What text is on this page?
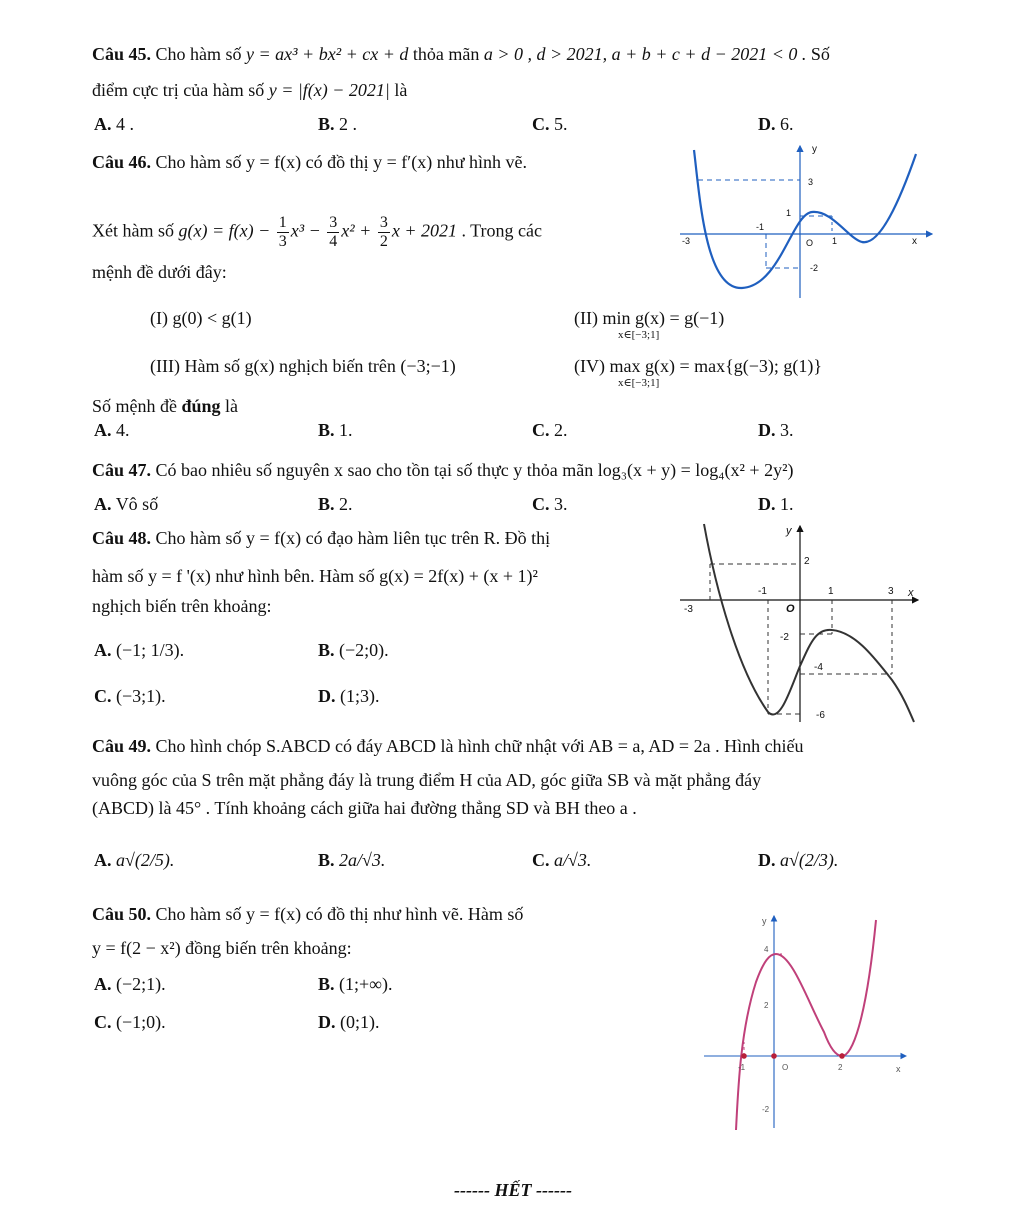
Câu 45. Cho hàm số y = ax³ + bx² + cx + d thỏa mãn a > 0 , d > 2021, a + b + c + d − 2021 < 0 . Số
điểm cực trị của hàm số y = |f(x) − 2021| là
A. 4 .	B. 2 .	C. 5.	D. 6.
Câu 46. Cho hàm số y = f(x) có đồ thị y = f′(x) như hình vẽ.
Xét hàm số $g(x) = f(x) - \frac{1}{3} x^3 - \frac{3}{4} x^2 + \frac{3}{2}$ x + 2021 . Trong các
mệnh đề dưới đây:
(I) g(0) < g(1)	(II) min g(x) = g(−1)
x∈[−3;1]
(III) Hàm số g(x) nghịch biến trên (−3;−1)	(IV) max g(x) = max{g(−3); g(1)}
x∈[−3;1]
Số mệnh đề đúng là
A. 4.	B. 1.	C. 2.	D. 3.
y
x
3
1
-2
-1
-3	O 1
Câu 47. Có bao nhiêu số nguyên x sao cho tồn tại số thực y thỏa mãn log₃(x + y) = log₄(x² + 2y²)
A. Vô số	B. 2.	C. 3.	D. 1.
Câu 48. Cho hàm số y = f(x) có đạo hàm liên tục trên R. Đồ thị
hàm số y = f '(x) như hình bên. Hàm số g(x) = 2f(x) + (x + 1)²
nghịch biến trên khoảng:
A. (−1; 1/3).	B. (−2;0).
C. (−3;1).	D. (1;3).
y
x
2
-1	1	3
-3	O
-2
-4
-6
Câu 49. Cho hình chóp S.ABCD có đáy ABCD là hình chữ nhật với AB = a, AD = 2a . Hình chiếu
vuông góc của S trên mặt phẳng đáy là trung điểm H của AD, góc giữa SB và mặt phẳng đáy
(ABCD) là 45° . Tính khoảng cách giữa hai đường thẳng SD và BH theo a .
A. a√(2/5).	B. 2a/√3.	C. a/√3.	D. a√(2/3).
Câu 50. Cho hàm số y = f(x) có đồ thị như hình vẽ. Hàm số
y = f(2 − x²) đồng biến trên khoảng:
A. (−2;1).	B. (1;+∞).
C. (−1;0).	D. (0;1).
y
x
4
2
-1	O	2
-2
------ HẾT ------
